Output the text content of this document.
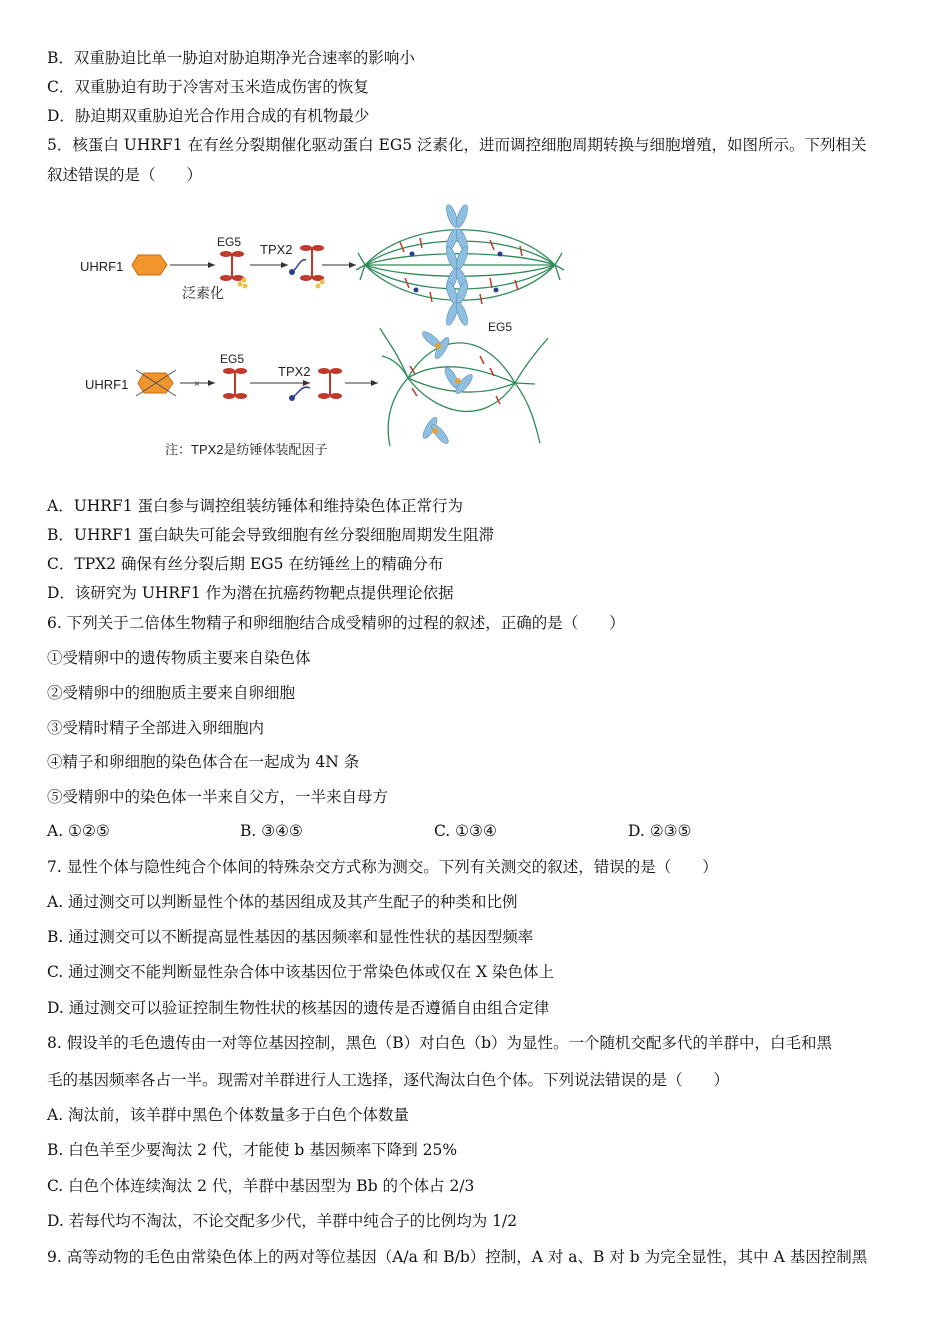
B．双重胁迫比单一胁迫对胁迫期净光合速率的影响小
C．双重胁迫有助于冷害对玉米造成伤害的恢复
D．胁迫期双重胁迫光合作用合成的有机物最少
5．核蛋白 UHRF1 在有丝分裂期催化驱动蛋白 EG5 泛素化，进而调控细胞周期转换与细胞增殖，如图所示。下列相关
叙述错误的是（　　）
UHRF1
EG5
泛素化
TPX2
UHRF1	×
EG5
TPX2
EG5
注：TPX2是纺锤体装配因子
A．UHRF1 蛋白参与调控组装纺锤体和维持染色体正常行为
B．UHRF1 蛋白缺失可能会导致细胞有丝分裂细胞周期发生阻滞
C．TPX2 确保有丝分裂后期 EG5 在纺锤丝上的精确分布
D．该研究为 UHRF1 作为潜在抗癌药物靶点提供理论依据
6. 下列关于二倍体生物精子和卵细胞结合成受精卵的过程的叙述，正确的是（　　）
①受精卵中的遗传物质主要来自染色体
②受精卵中的细胞质主要来自卵细胞
③受精时精子全部进入卵细胞内
④精子和卵细胞的染色体合在一起成为 4N 条
⑤受精卵中的染色体一半来自父方，一半来自母方
A. ①②⑤	B. ③④⑤	C. ①③④	D. ②③⑤
7. 显性个体与隐性纯合个体间的特殊杂交方式称为测交。下列有关测交的叙述，错误的是（　　）
A. 通过测交可以判断显性个体的基因组成及其产生配子的种类和比例
B. 通过测交可以不断提高显性基因的基因频率和显性性状的基因型频率
C. 通过测交不能判断显性杂合体中该基因位于常染色体或仅在 X 染色体上
D. 通过测交可以验证控制生物性状的核基因的遗传是否遵循自由组合定律
8. 假设羊的毛色遗传由一对等位基因控制，黑色（B）对白色（b）为显性。一个随机交配多代的羊群中，白毛和黑
毛的基因频率各占一半。现需对羊群进行人工选择，逐代淘汰白色个体。下列说法错误的是（　　）
A. 淘汰前，该羊群中黑色个体数量多于白色个体数量
B. 白色羊至少要淘汰 2 代，才能使 b 基因频率下降到 25%
C. 白色个体连续淘汰 2 代，羊群中基因型为 Bb 的个体占 2/3
D. 若每代均不淘汰，不论交配多少代，羊群中纯合子的比例均为 1/2
9. 高等动物的毛色由常染色体上的两对等位基因（A/a 和 B/b）控制，A 对 a、B 对 b 为完全显性，其中 A 基因控制黑
